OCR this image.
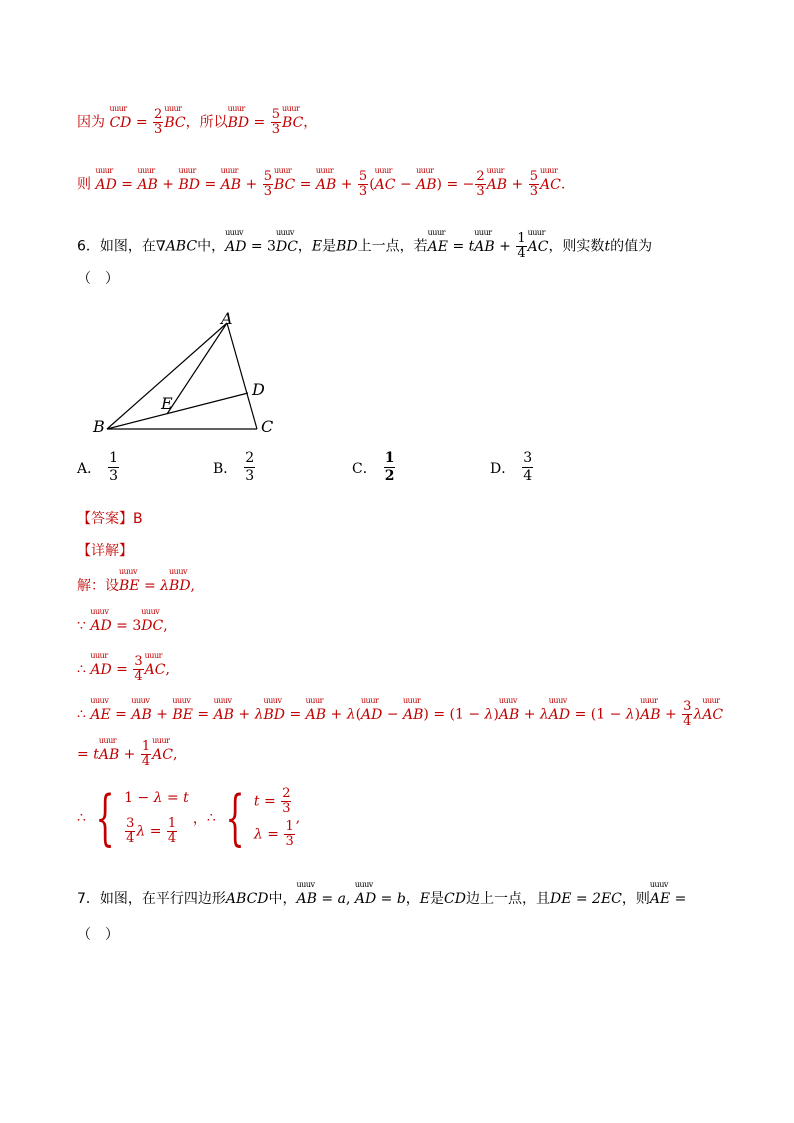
因为 uuur CD = $\frac{2}{3}$ uuur BC，所以uuur BD = $\frac{5}{3}$ uuur BC，
则 uuur AD = uuur AB + uuur BD = uuur AB + $\frac{5}{3}$ uuur BC = uuur AB + $\frac{5}{3}$ (uuur AC − uuur AB) = − $\frac{2}{3}$ uuur AB + $\frac{5}{3}$ uuur AC.
6．如图，在∇ABC中，uuuv AD = 3uuuv DC，E是BD上一点，若uuur AE = tuuur AB + $\frac{1}{4}$ uuur AC，则实数t的值为
（　）
A
B	C
D
E
A． $\frac{1}{3}$	B． $\frac{2}{3}$	C． $\frac{1}{2}$	D． $\frac{3}{4}$
【答案】B
【详解】
解：设uuuv BE = λuuuv BD,
∵ uuuv AD = 3uuuv DC,
∴ uuur AD = $\frac{3}{4}$ uuur AC,
∴ uuuv AE = uuuv AB + uuuv BE = uuuv AB + λuuuv BD = uuur AB + λ(uuur AD − uuur AB) = (1 − λ)uuuv AB + λuuuv AD = (1 − λ)uuur AB + $\frac{3}{4}$ λuuur AC
= tuuur AB + $\frac{1}{4}$ uuur AC,
∴ { 1 − λ = t
$\frac{3}{4}$ $\lambda = \frac{1}{4}$ ， ∴ { $t = \frac{2}{3}$
$\lambda = \frac{1}{3}$
,
7．如图，在平行四边形ABCD中，uuuv AB = a, uuuv AD = b，E是CD边上一点，且DE = 2EC，则uuuv AE =
（　）
